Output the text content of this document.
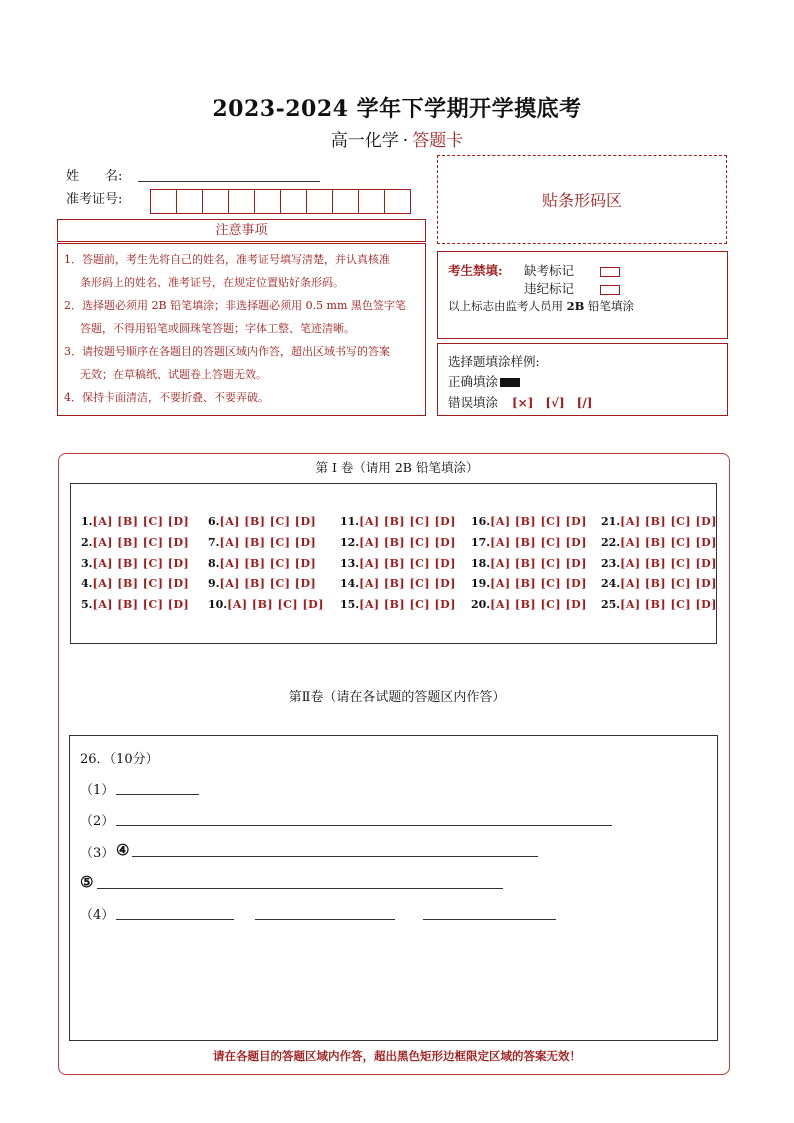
2023-2024 学年下学期开学摸底考
高一化学 · 答题卡
姓　　名:
准考证号:	贴条形码区
注意事项

1．答题前，考生先将自己的姓名，准考证号填写清楚，并认真核准

条形码上的姓名、准考证号，在规定位置贴好条形码。

2．选择题必须用 2B 铅笔填涂；非选择题必须用 0.5 mm 黑色签字笔

答题，不得用铅笔或圆珠笔答题；字体工整、笔迹清晰。

3．请按题号顺序在各题目的答题区域内作答，超出区域书写的答案

无效；在草稿纸、试题卷上答题无效。

4．保持卡面清洁，不要折叠、不要弄破。

考生禁填: 缺考标记
违纪标记
以上标志由监考人员用 2B 铅笔填涂
选择题填涂样例:
正确填涂
错误填涂 [×] [√] [/]
第 I 卷（请用 2B 铅笔填涂）
1.[A] [B] [C] [D] 6.[A] [B] [C] [D] 11.[A] [B] [C] [D] 16.[A] [B] [C] [D] 21.[A] [B] [C] [D]
2.[A] [B] [C] [D] 7.[A] [B] [C] [D] 12.[A] [B] [C] [D] 17.[A] [B] [C] [D] 22.[A] [B] [C] [D]
3.[A] [B] [C] [D] 8.[A] [B] [C] [D] 13.[A] [B] [C] [D] 18.[A] [B] [C] [D] 23.[A] [B] [C] [D]
4.[A] [B] [C] [D] 9.[A] [B] [C] [D] 14.[A] [B] [C] [D] 19.[A] [B] [C] [D] 24.[A] [B] [C] [D]
5.[A] [B] [C] [D] 10.[A] [B] [C] [D] 15.[A] [B] [C] [D] 20.[A] [B] [C] [D] 25.[A] [B] [C] [D]
第Ⅱ卷（请在各试题的答题区内作答）
26．（10分）
（1）
（2）
（3） ④
⑤
（4）
请在各题目的答题区域内作答，超出黑色矩形边框限定区域的答案无效！
